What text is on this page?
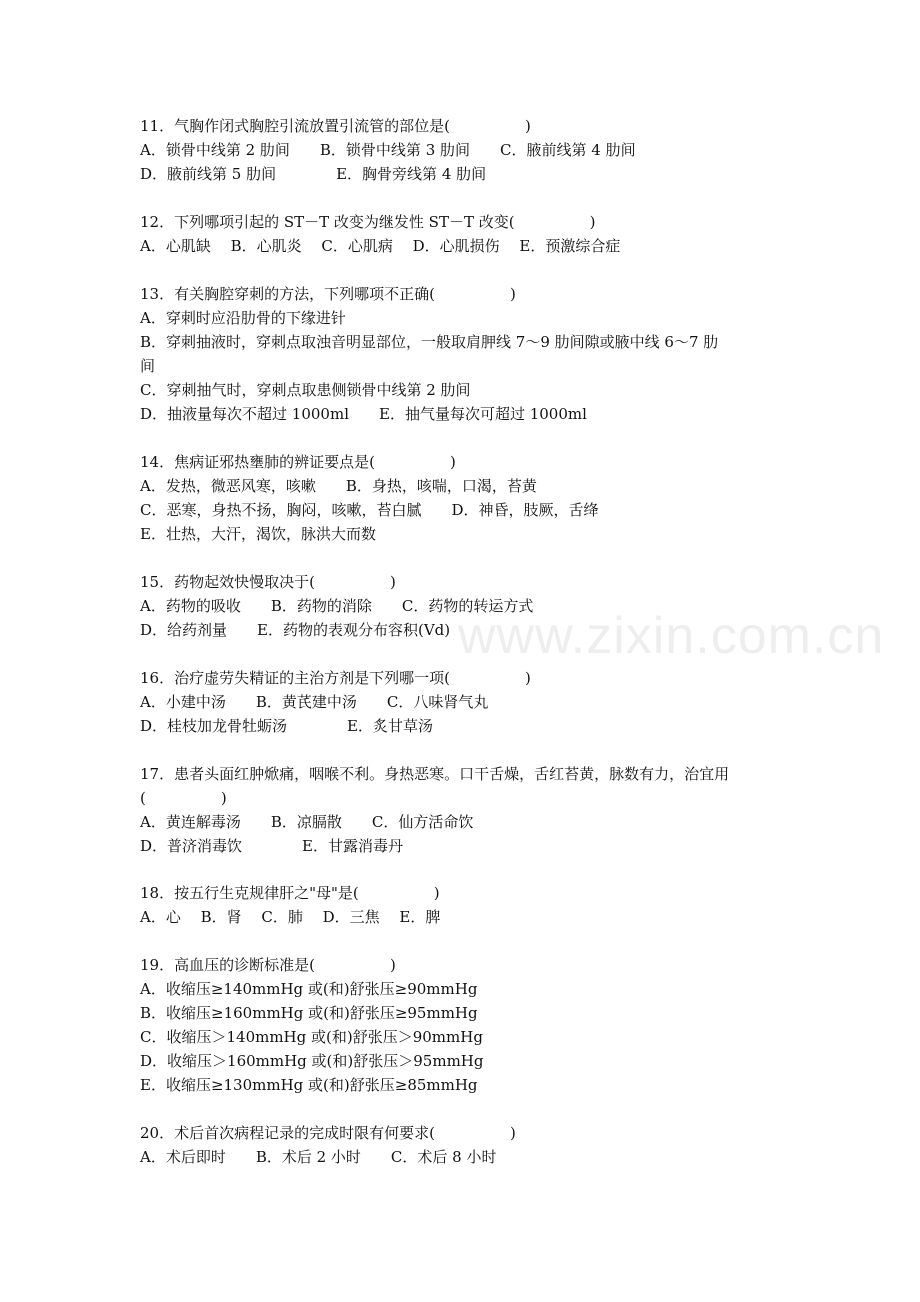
www.zixin.com.cn
11．气胸作闭式胸腔引流放置引流管的部位是(　　　　　)
A．锁骨中线第 2 肋间　　B．锁骨中线第 3 肋间　　C．腋前线第 4 肋间
D．腋前线第 5 肋间　　　　E．胸骨旁线第 4 肋间
12．下列哪项引起的 ST－T 改变为继发性 ST－T 改变(　　　　　)
A．心肌缺　 B．心肌炎　 C．心肌病　 D．心肌损伤　 E．预激综合症
13．有关胸腔穿刺的方法，下列哪项不正确(　　　　　)
A．穿刺时应沿肋骨的下缘进针
B．穿刺抽液时，穿刺点取浊音明显部位，一般取肩胛线 7～9 肋间隙或腋中线 6～7 肋
间
C．穿刺抽气时，穿刺点取患侧锁骨中线第 2 肋间
D．抽液量每次不超过 1000ml　　E．抽气量每次可超过 1000ml
14．焦病证邪热壅肺的辨证要点是(　　　　　)
A．发热，微恶风寒，咳嗽　　B．身热，咳喘，口渴，苔黄
C．恶寒，身热不扬，胸闷，咳嗽，苔白腻　　D．神昏，肢厥，舌绛
E．壮热，大汗，渴饮，脉洪大而数
15．药物起效快慢取决于(　　　　　)
A．药物的吸收　　B．药物的消除　　C．药物的转运方式
D．给药剂量　　E．药物的表观分布容积(Vd)
16．治疗虚劳失精证的主治方剂是下列哪一项(　　　　　)
A．小建中汤　　B．黄芪建中汤　　C．八味肾气丸
D．桂枝加龙骨牡蛎汤　　　　E．炙甘草汤
17．患者头面红肿焮痛，咽喉不利。身热恶寒。口干舌燥，舌红苔黄，脉数有力，治宜用(　　　　　)
A．黄连解毒汤　　B．凉膈散　　C．仙方活命饮
D．普济消毒饮　　　　E．甘露消毒丹
18．按五行生克规律肝之"母"是(　　　　　)
A．心　 B．肾　 C．肺　 D．三焦　 E．脾
19．高血压的诊断标准是(　　　　　)
A．收缩压≥140mmHg 或(和)舒张压≥90mmHg
B．收缩压≥160mmHg 或(和)舒张压≥95mmHg
C．收缩压＞140mmHg 或(和)舒张压＞90mmHg
D．收缩压＞160mmHg 或(和)舒张压＞95mmHg
E．收缩压≥130mmHg 或(和)舒张压≥85mmHg
20．术后首次病程记录的完成时限有何要求(　　　　　)
A．术后即时　　B．术后 2 小时　　C．术后 8 小时
